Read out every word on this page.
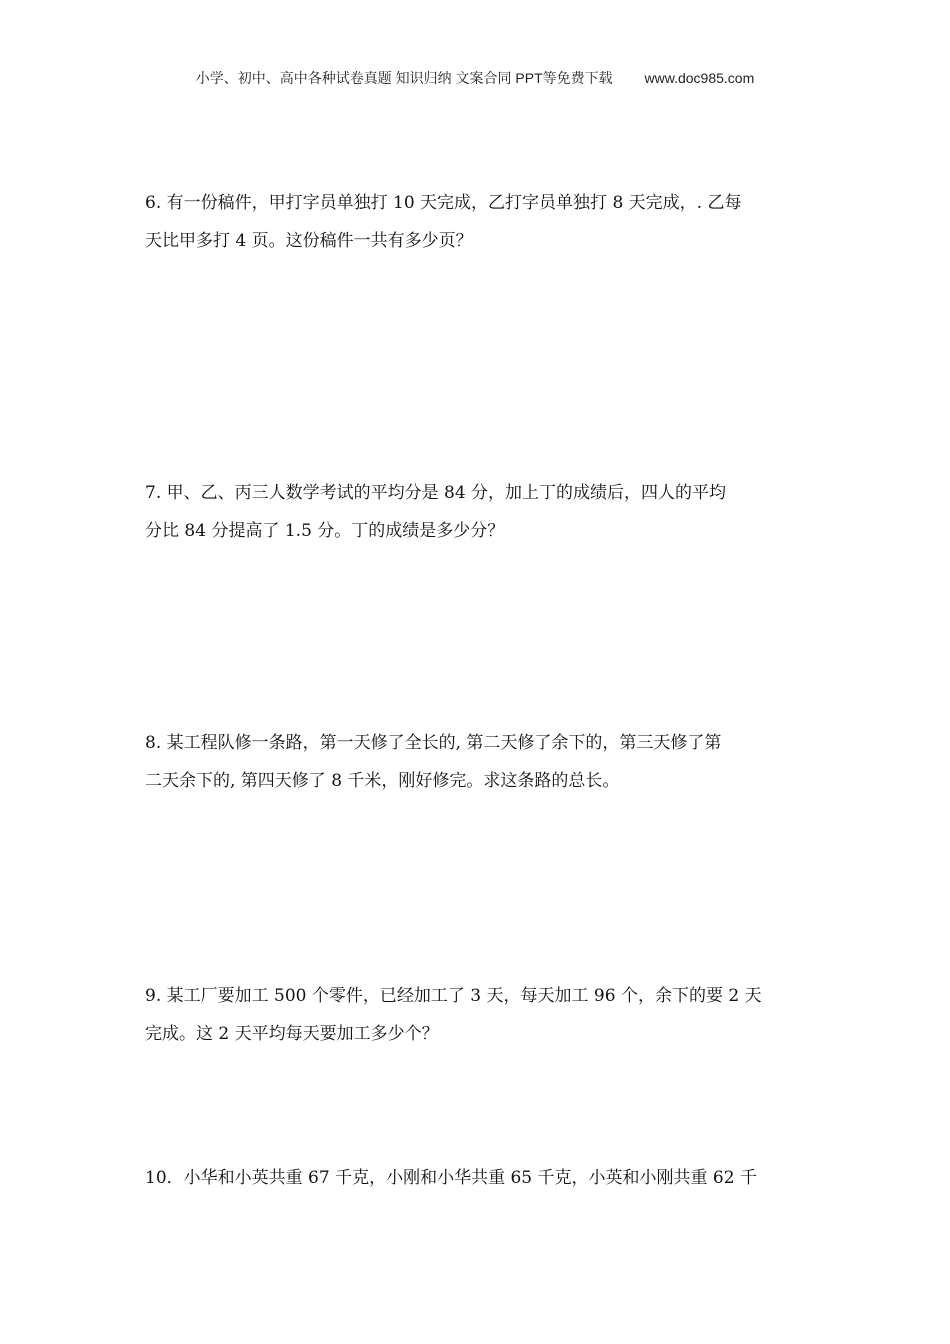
小学、初中、高中各种试卷真题 知识归纳 文案合同 PPT等免费下载 www.doc985.com

6. 有一份稿件，甲打字员单独打 10 天完成，乙打字员单独打 8 天完成，. 乙每

天比甲多打 4 页。这份稿件一共有多少页？

7. 甲、乙、丙三人数学考试的平均分是 84 分，加上丁的成绩后，四人的平均

分比 84 分提高了 1.5 分。丁的成绩是多少分？

8. 某工程队修一条路，第一天修了全长的, 第二天修了余下的，第三天修了第

二天余下的, 第四天修了 8 千米，刚好修完。求这条路的总长。

9. 某工厂要加工 500 个零件，已经加工了 3 天，每天加工 96 个，余下的要 2 天

完成。这 2 天平均每天要加工多少个？

10．小华和小英共重 67 千克，小刚和小华共重 65 千克，小英和小刚共重 62 千
